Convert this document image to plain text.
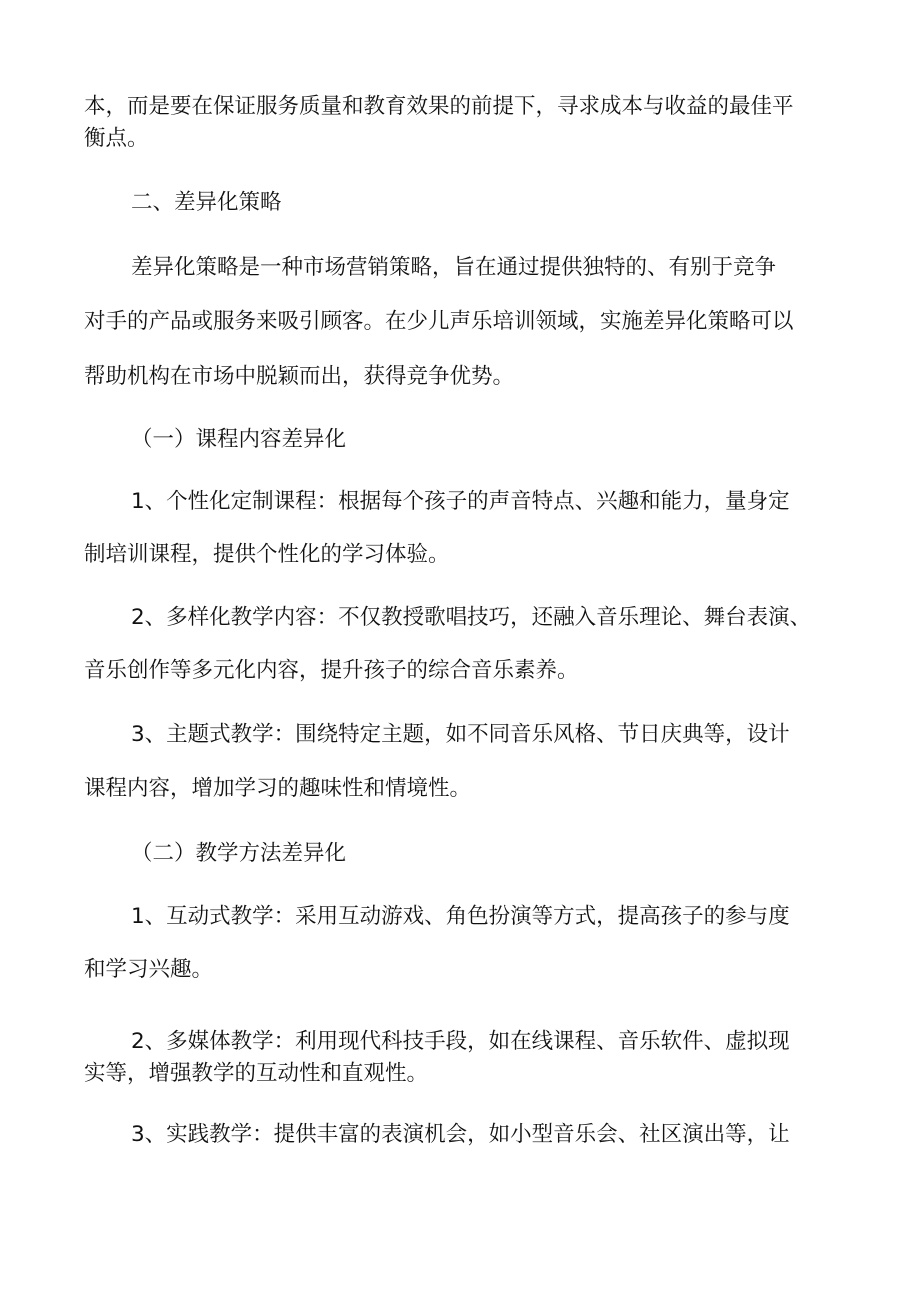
本，而是要在保证服务质量和教育效果的前提下，寻求成本与收益的最佳平
衡点。
二、差异化策略
差异化策略是一种市场营销策略，旨在通过提供独特的、有别于竞争
对手的产品或服务来吸引顾客。在少儿声乐培训领域，实施差异化策略可以
帮助机构在市场中脱颖而出，获得竞争优势。
（一）课程内容差异化
1、个性化定制课程：根据每个孩子的声音特点、兴趣和能力，量身定
制培训课程，提供个性化的学习体验。
2、多样化教学内容：不仅教授歌唱技巧，还融入音乐理论、舞台表演、
音乐创作等多元化内容，提升孩子的综合音乐素养。
3、主题式教学：围绕特定主题，如不同音乐风格、节日庆典等，设计
课程内容，增加学习的趣味性和情境性。
（二）教学方法差异化
1、互动式教学：采用互动游戏、角色扮演等方式，提高孩子的参与度
和学习兴趣。
2、多媒体教学：利用现代科技手段，如在线课程、音乐软件、虚拟现
实等，增强教学的互动性和直观性。
3、实践教学：提供丰富的表演机会，如小型音乐会、社区演出等，让
